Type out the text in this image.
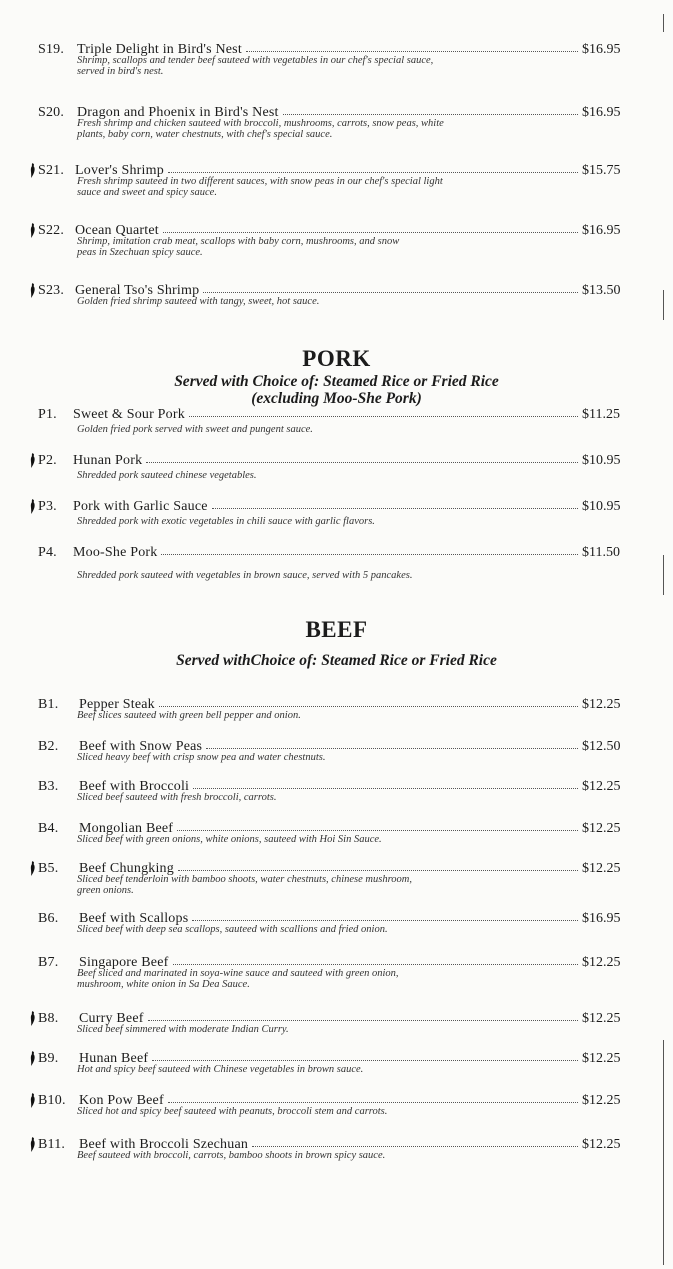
PORK
Served with Choice of: Steamed Rice or Fried Rice
(excluding Moo-She Pork)
BEEF
Served withChoice of: Steamed Rice or Fried Rice
S19. Triple Delight in Bird's Nest	$16.95
Shrimp, scallops and tender beef sauteed with vegetables in our chef's special sauce,
served in bird's nest.
S20. Dragon and Phoenix in Bird's Nest	$16.95
Fresh shrimp and chicken sauteed with broccoli, mushrooms, carrots, snow peas, white
plants, baby corn, water chestnuts, with chef's special sauce.
S21. Lover's Shrimp	$15.75
Fresh shrimp sauteed in two different sauces, with snow peas in our chef's special light
sauce and sweet and spicy sauce.
S22. Ocean Quartet	$16.95
Shrimp, imitation crab meat, scallops with baby corn, mushrooms, and snow
peas in Szechuan spicy sauce.
S23. General Tso's Shrimp	$13.50
Golden fried shrimp sauteed with tangy, sweet, hot sauce.
P1. Sweet & Sour Pork	$11.25
Golden fried pork served with sweet and pungent sauce.
P2. Hunan Pork	$10.95
Shredded pork sauteed chinese vegetables.
P3. Pork with Garlic Sauce	$10.95
Shredded pork with exotic vegetables in chili sauce with garlic flavors.
P4. Moo-She Pork	$11.50
Shredded pork sauteed with vegetables in brown sauce, served with 5 pancakes.
B1. Pepper Steak	$12.25
Beef slices sauteed with green bell pepper and onion.
B2. Beef with Snow Peas	$12.50
Sliced heavy beef with crisp snow pea and water chestnuts.
B3. Beef with Broccoli	$12.25
Sliced beef sauteed with fresh broccoli, carrots.
B4. Mongolian Beef	$12.25
Sliced beef with green onions, white onions, sauteed with Hoi Sin Sauce.
B5. Beef Chungking	$12.25
Sliced beef tenderloin with bamboo shoots, water chestnuts, chinese mushroom,
green onions.
B6. Beef with Scallops	$16.95
Sliced beef with deep sea scallops, sauteed with scallions and fried onion.
B7. Singapore Beef	$12.25
Beef sliced and marinated in soya-wine sauce and sauteed with green onion,
mushroom, white onion in Sa Dea Sauce.
B8. Curry Beef	$12.25
Sliced beef simmered with moderate Indian Curry.
B9. Hunan Beef	$12.25
Hot and spicy beef sauteed with Chinese vegetables in brown sauce.
B10. Kon Pow Beef	$12.25
Sliced hot and spicy beef sauteed with peanuts, broccoli stem and carrots.
B11. Beef with Broccoli Szechuan	$12.25
Beef sauteed with broccoli, carrots, bamboo shoots in brown spicy sauce.
